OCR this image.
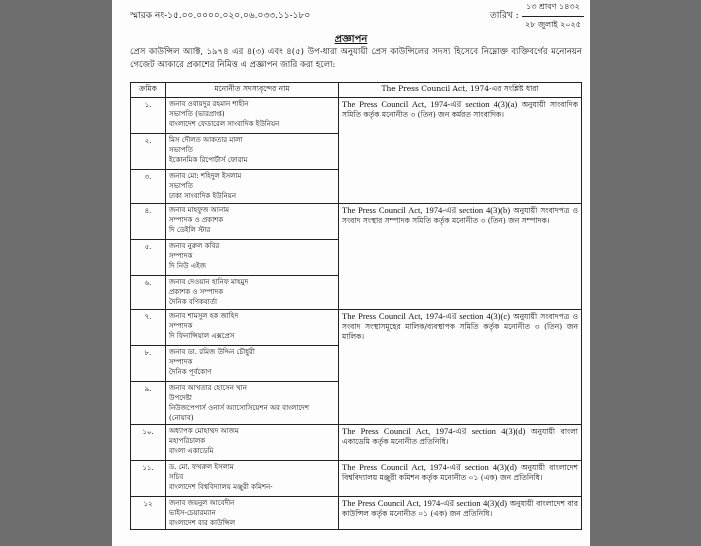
স্মারক নং-১৫.০০.০০০০.০২০.০৬.০৩৩.১১-১৮০	তারিখ :
১৩ শ্রাবণ ১৪৩২
২৮ জুলাই ২০২৫
প্রজ্ঞাপন
প্রেস কাউন্সিল অ্যাক্ট, ১৯৭৪ এর ৪(৩) এবং ৪(৫) উপ-ধারা অনুযায়ী প্রেস কাউন্সিলের সদস্য হিসেবে নিম্নোক্ত ব্যক্তিবর্গের মনোনয়ন গেজেট আকারে প্রকাশের নিমিত্ত এ প্রজ্ঞাপন জারি করা হলো:
ক্রমিক	মনোনীত সদস্যবৃন্দের নাম	The Press Council Act, 1974-এর সংশ্লিষ্ট ধারা
১.	জনাব ওবায়দুর রহমান শাহীন
সভাপতি (ভারপ্রাপ্ত)
বাংলাদেশ ফেডারেল সাংবাদিক ইউনিয়ন	The Press Council Act, 1974-এর section 4(3)(a) অনুযায়ী সাংবাদিক সমিতি কর্তৃক মনোনীত ৩ (তিন) জন কর্মরত সাংবাদিক।
২.	মিস দৌলত আকতার মালা
সভাপতি
ইকোনমিক রিপোর্টার্স ফোরাম	

৩.	জনাব মো: শহিদুল ইসলাম
সভাপতি
ঢাকা সাংবাদিক ইউনিয়ন	

৪.	জনাব মাহফুজ আনাম
সম্পাদক ও প্রকাশক
দি ডেইলি স্টার	The Press Council Act, 1974-এর section 4(3)(b) অনুযায়ী সংবাদপত্র ও সংবাদ সংস্থার সম্পাদক সমিতি কর্তৃক মনোনীত ৩ (তিন) জন সম্পাদক।
৫.	জনাব নুরুল কবির
সম্পাদক
দি নিউ এইজ	

৬.	জনাব দেওয়ান হানিফ মাহমুদ
প্রকাশক ও সম্পাদক
দৈনিক বণিকবার্তা	

৭.	জনাব শামসুল হক জাহিদ
সম্পাদক
দি ফিনান্সিয়াল এক্সপ্রেস	The Press Council Act, 1974-এর section 4(3)(c) অনুযায়ী সংবাদপত্র ও সংবাদ সংস্থাসমূহের মালিক/ব্যবস্থাপক সমিতি কর্তৃক মনোনীত ৩ (তিন) জন মালিক।
৮.	জনাব ডা. রমিজ উদ্দিন চৌধুরী
সম্পাদক
দৈনিক পূর্বকোণ	

৯.	জনাব আখতার হোসেন খান
উপদেষ্টা
নিউজপেপার্স ওনার্স অ্যাসোসিয়েশন অব বাংলাদেশ (নোয়াব)	

১০.	অধ্যাপক মোহাম্মদ আজম
মহাপরিচালক
বাংলা একাডেমি	The Press Council Act, 1974-এর section 4(3)(d) অনুযায়ী বাংলা একাডেমি কর্তৃক মনোনীত প্রতিনিধি।
১১.	ড. মো. ফখরুল ইসলাম
সচিব
বাংলাদেশ বিশ্ববিদ্যালয় মঞ্জুরী কমিশন-	The Press Council Act, 1974-এর section 4(3)(d) অনুযায়ী বাংলাদেশ বিশ্ববিদ্যালয় মঞ্জুরী কমিশন কর্তৃক মনোনীত ০১ (এক) জন প্রতিনিধি।
১২	জনাব জয়নুল আবেদীন
ভাইস-চেয়ারম্যান
বাংলাদেশ বার কাউন্সিল	The Press Council Act, 1974-এর section 4(3)(d) অনুযায়ী বাংলাদেশ বার কাউন্সিল কর্তৃক মনোনীত ০১ (এক) জন প্রতিনিধি।
